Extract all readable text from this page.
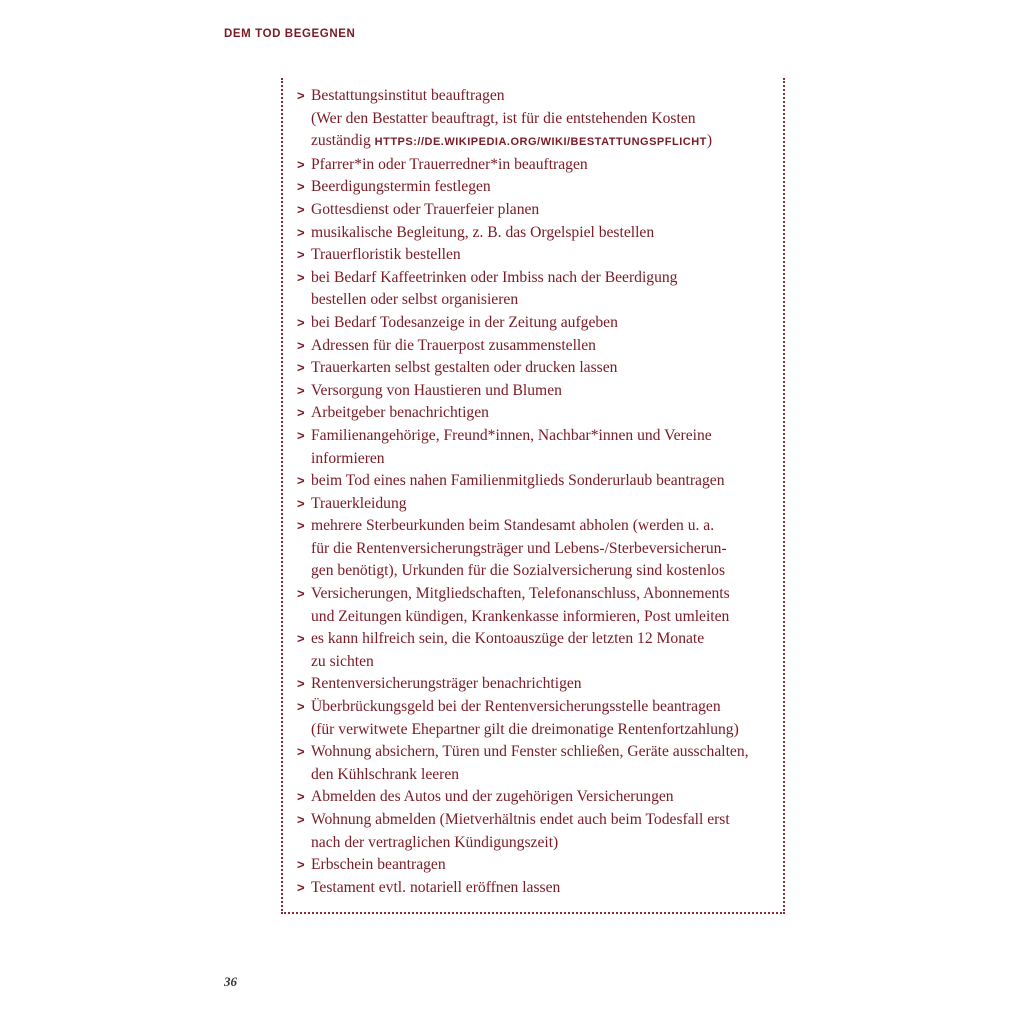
DEM TOD BEGEGNEN
> Bestattungsinstitut beauftragen
(Wer den Bestatter beauftragt, ist für die entstehenden Kosten
zuständig HTTPS://DE.WIKIPEDIA.ORG/WIKI/BESTATTUNGSPFLICHT)
> Pfarrer*in oder Trauerredner*in beauftragen
> Beerdigungstermin festlegen
> Gottesdienst oder Trauerfeier planen
> musikalische Begleitung, z. B. das Orgelspiel bestellen
> Trauerfloristik bestellen
> bei Bedarf Kaffeetrinken oder Imbiss nach der Beerdigung
bestellen oder selbst organisieren
> bei Bedarf Todesanzeige in der Zeitung aufgeben
> Adressen für die Trauerpost zusammenstellen
> Trauerkarten selbst gestalten oder drucken lassen
> Versorgung von Haustieren und Blumen
> Arbeitgeber benachrichtigen
> Familienangehörige, Freund*innen, Nachbar*innen und Vereine
informieren
> beim Tod eines nahen Familienmitglieds Sonderurlaub beantragen
> Trauerkleidung
> mehrere Sterbeurkunden beim Standesamt abholen (werden u. a.
für die Rentenversicherungsträger und Lebens-/Sterbeversicherun-
gen benötigt), Urkunden für die Sozialversicherung sind kostenlos
> Versicherungen, Mitgliedschaften, Telefonanschluss, Abonnements
und Zeitungen kündigen, Krankenkasse informieren, Post umleiten
> es kann hilfreich sein, die Kontoauszüge der letzten 12 Monate
zu sichten
> Rentenversicherungsträger benachrichtigen
> Überbrückungsgeld bei der Rentenversicherungsstelle beantragen
(für verwitwete Ehepartner gilt die dreimonatige Rentenfortzahlung)
> Wohnung absichern, Türen und Fenster schließen, Geräte ausschalten,
den Kühlschrank leeren
> Abmelden des Autos und der zugehörigen Versicherungen
> Wohnung abmelden (Mietverhältnis endet auch beim Todesfall erst
nach der vertraglichen Kündigungszeit)
> Erbschein beantragen
> Testament evtl. notariell eröffnen lassen
36
